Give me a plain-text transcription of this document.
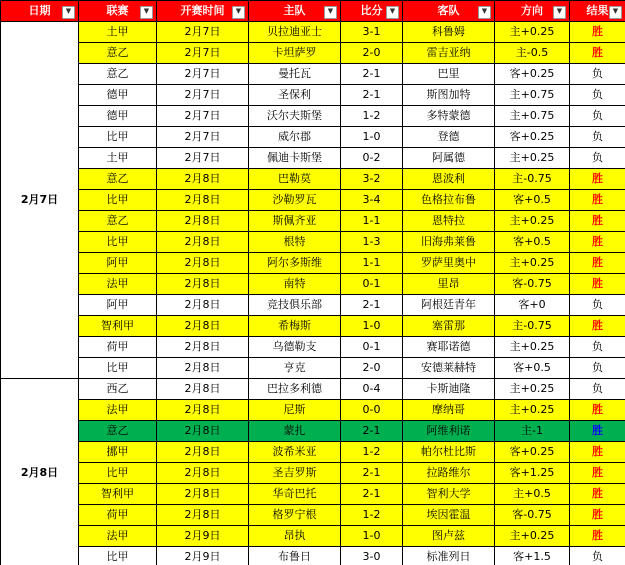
日期 ▼	联赛 ▼	开赛时间 ▼	主队 ▼	比分 ▼	客队 ▼	方向 ▼	结果 ▼

2月7日	土甲	2月7日	贝拉迪亚士	3-1	科鲁姆	主+0.25	胜
	意乙	2月7日	卡坦萨罗	2-0	雷吉亚纳	主-0.5	胜
	意乙	2月7日	曼托瓦	2-1	巴里	客+0.25	负
	德甲	2月7日	圣保利	2-1	斯图加特	主+0.75	负
	德甲	2月7日	沃尔夫斯堡	1-2	多特蒙德	主+0.75	负
	比甲	2月7日	威尔郡	1-0	登德	客+0.25	负
	土甲	2月7日	佩迪卡斯堡	0-2	阿属德	主+0.25	负
	意乙	2月8日	巴勒莫	3-2	恩波利	主-0.75	胜
	比甲	2月8日	沙勒罗瓦	3-4	色格拉布鲁	客+0.5	胜
	意乙	2月8日	斯佩齐亚	1-1	恩特拉	主+0.25	胜
	比甲	2月8日	根特	1-3	旧海弗莱鲁	客+0.5	胜
	阿甲	2月8日	阿尔多斯维	1-1	罗萨里奥中	主+0.25	胜
	法甲	2月8日	南特	0-1	里昂	客-0.75	胜
	阿甲	2月8日	竞技俱乐部	2-1	阿根廷青年	客+0	负
	智利甲	2月8日	希梅斯	1-0	塞雷那	主-0.75	胜
	荷甲	2月8日	乌德勒支	0-1	赛耶诺德	主+0.25	负
	比甲	2月8日	亨克	2-0	安德莱赫特	客+0.5	负
2月8日	西乙	2月8日	巴拉多利德	0-4	卡斯迪隆	主+0.25	负
	法甲	2月8日	尼斯	0-0	摩纳哥	主+0.25	胜
	意乙	2月8日	蒙扎	2-1	阿维利诺	主-1	胜
	挪甲	2月8日	波希米亚	1-2	帕尔杜比斯	客+0.25	胜
	比甲	2月8日	圣吉罗斯	2-1	拉路维尔	客+1.25	胜
	智利甲	2月8日	华奇巴托	2-1	智利大学	主+0.5	胜
	荷甲	2月8日	格罗宁根	1-2	埃因霍温	客-0.75	胜
	法甲	2月9日	昂执	1-0	图卢兹	主+0.25	胜
	比甲	2月9日	布鲁日	3-0	标准列日	客+1.5	负
